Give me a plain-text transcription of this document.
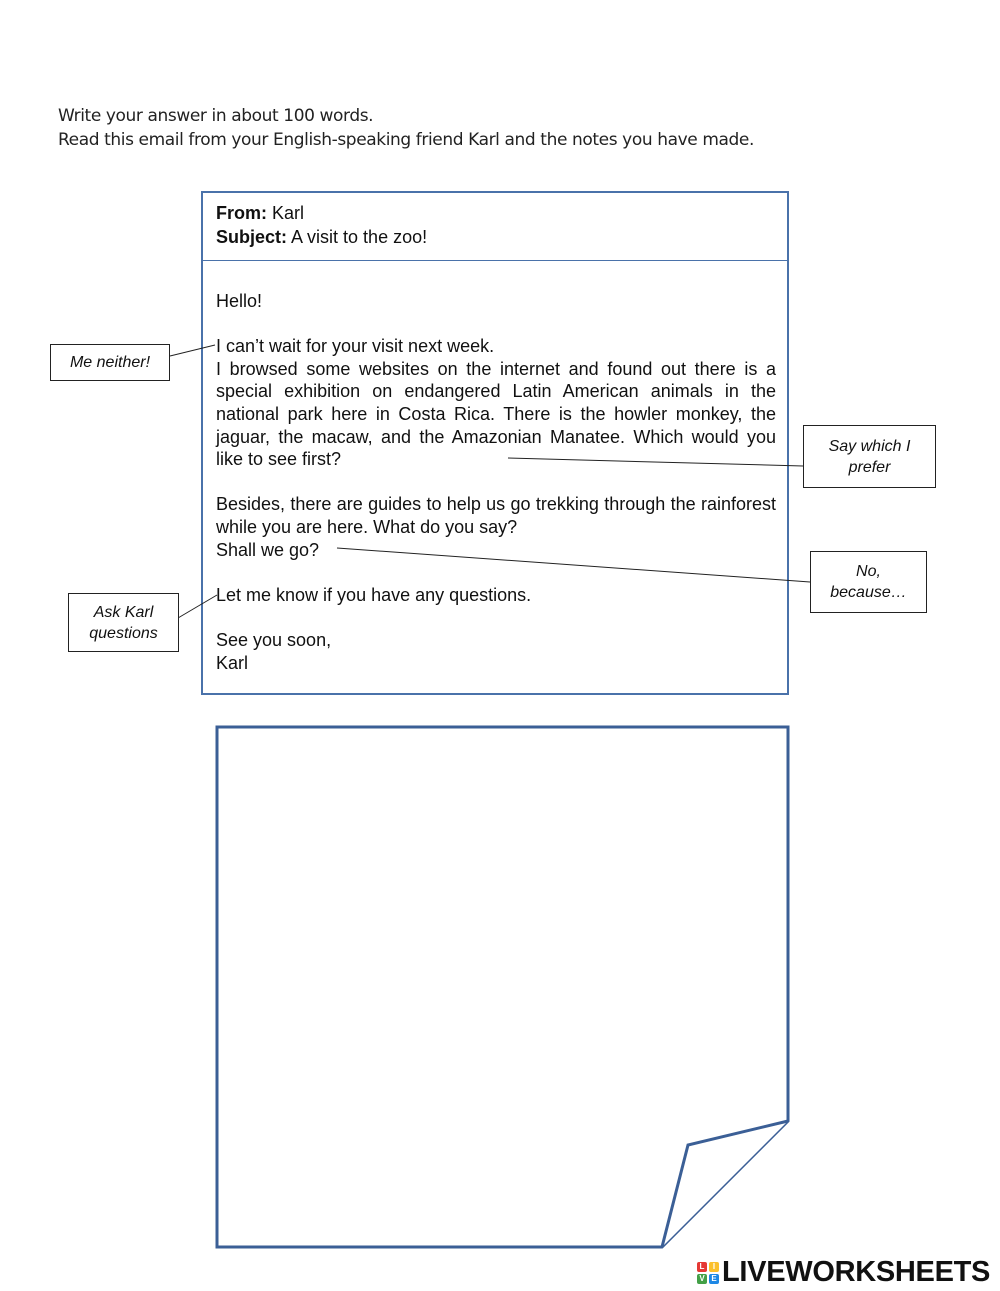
Write your answer in about 100 words.
Read this email from your English-speaking friend Karl and the notes you have made.
From: Karl
Subject: A visit to the zoo!

Hello!

I can’t wait for your visit next week.

I browsed some websites on the internet and found out there is a special exhibition on endangered Latin American animals in the national park here in Costa Rica. There is the howler monkey, the jaguar, the macaw, and the Amazonian Manatee. Which would you like to see first?

Besides, there are guides to help us go trekking through the rainforest while you are here. What do you say?

Shall we go?

Let me know if you have any questions.

See you soon,

Karl

Me neither!
Say which I prefer
No, because…
Ask Karl questions
L	I
V E LIVEWORKSHEETS
